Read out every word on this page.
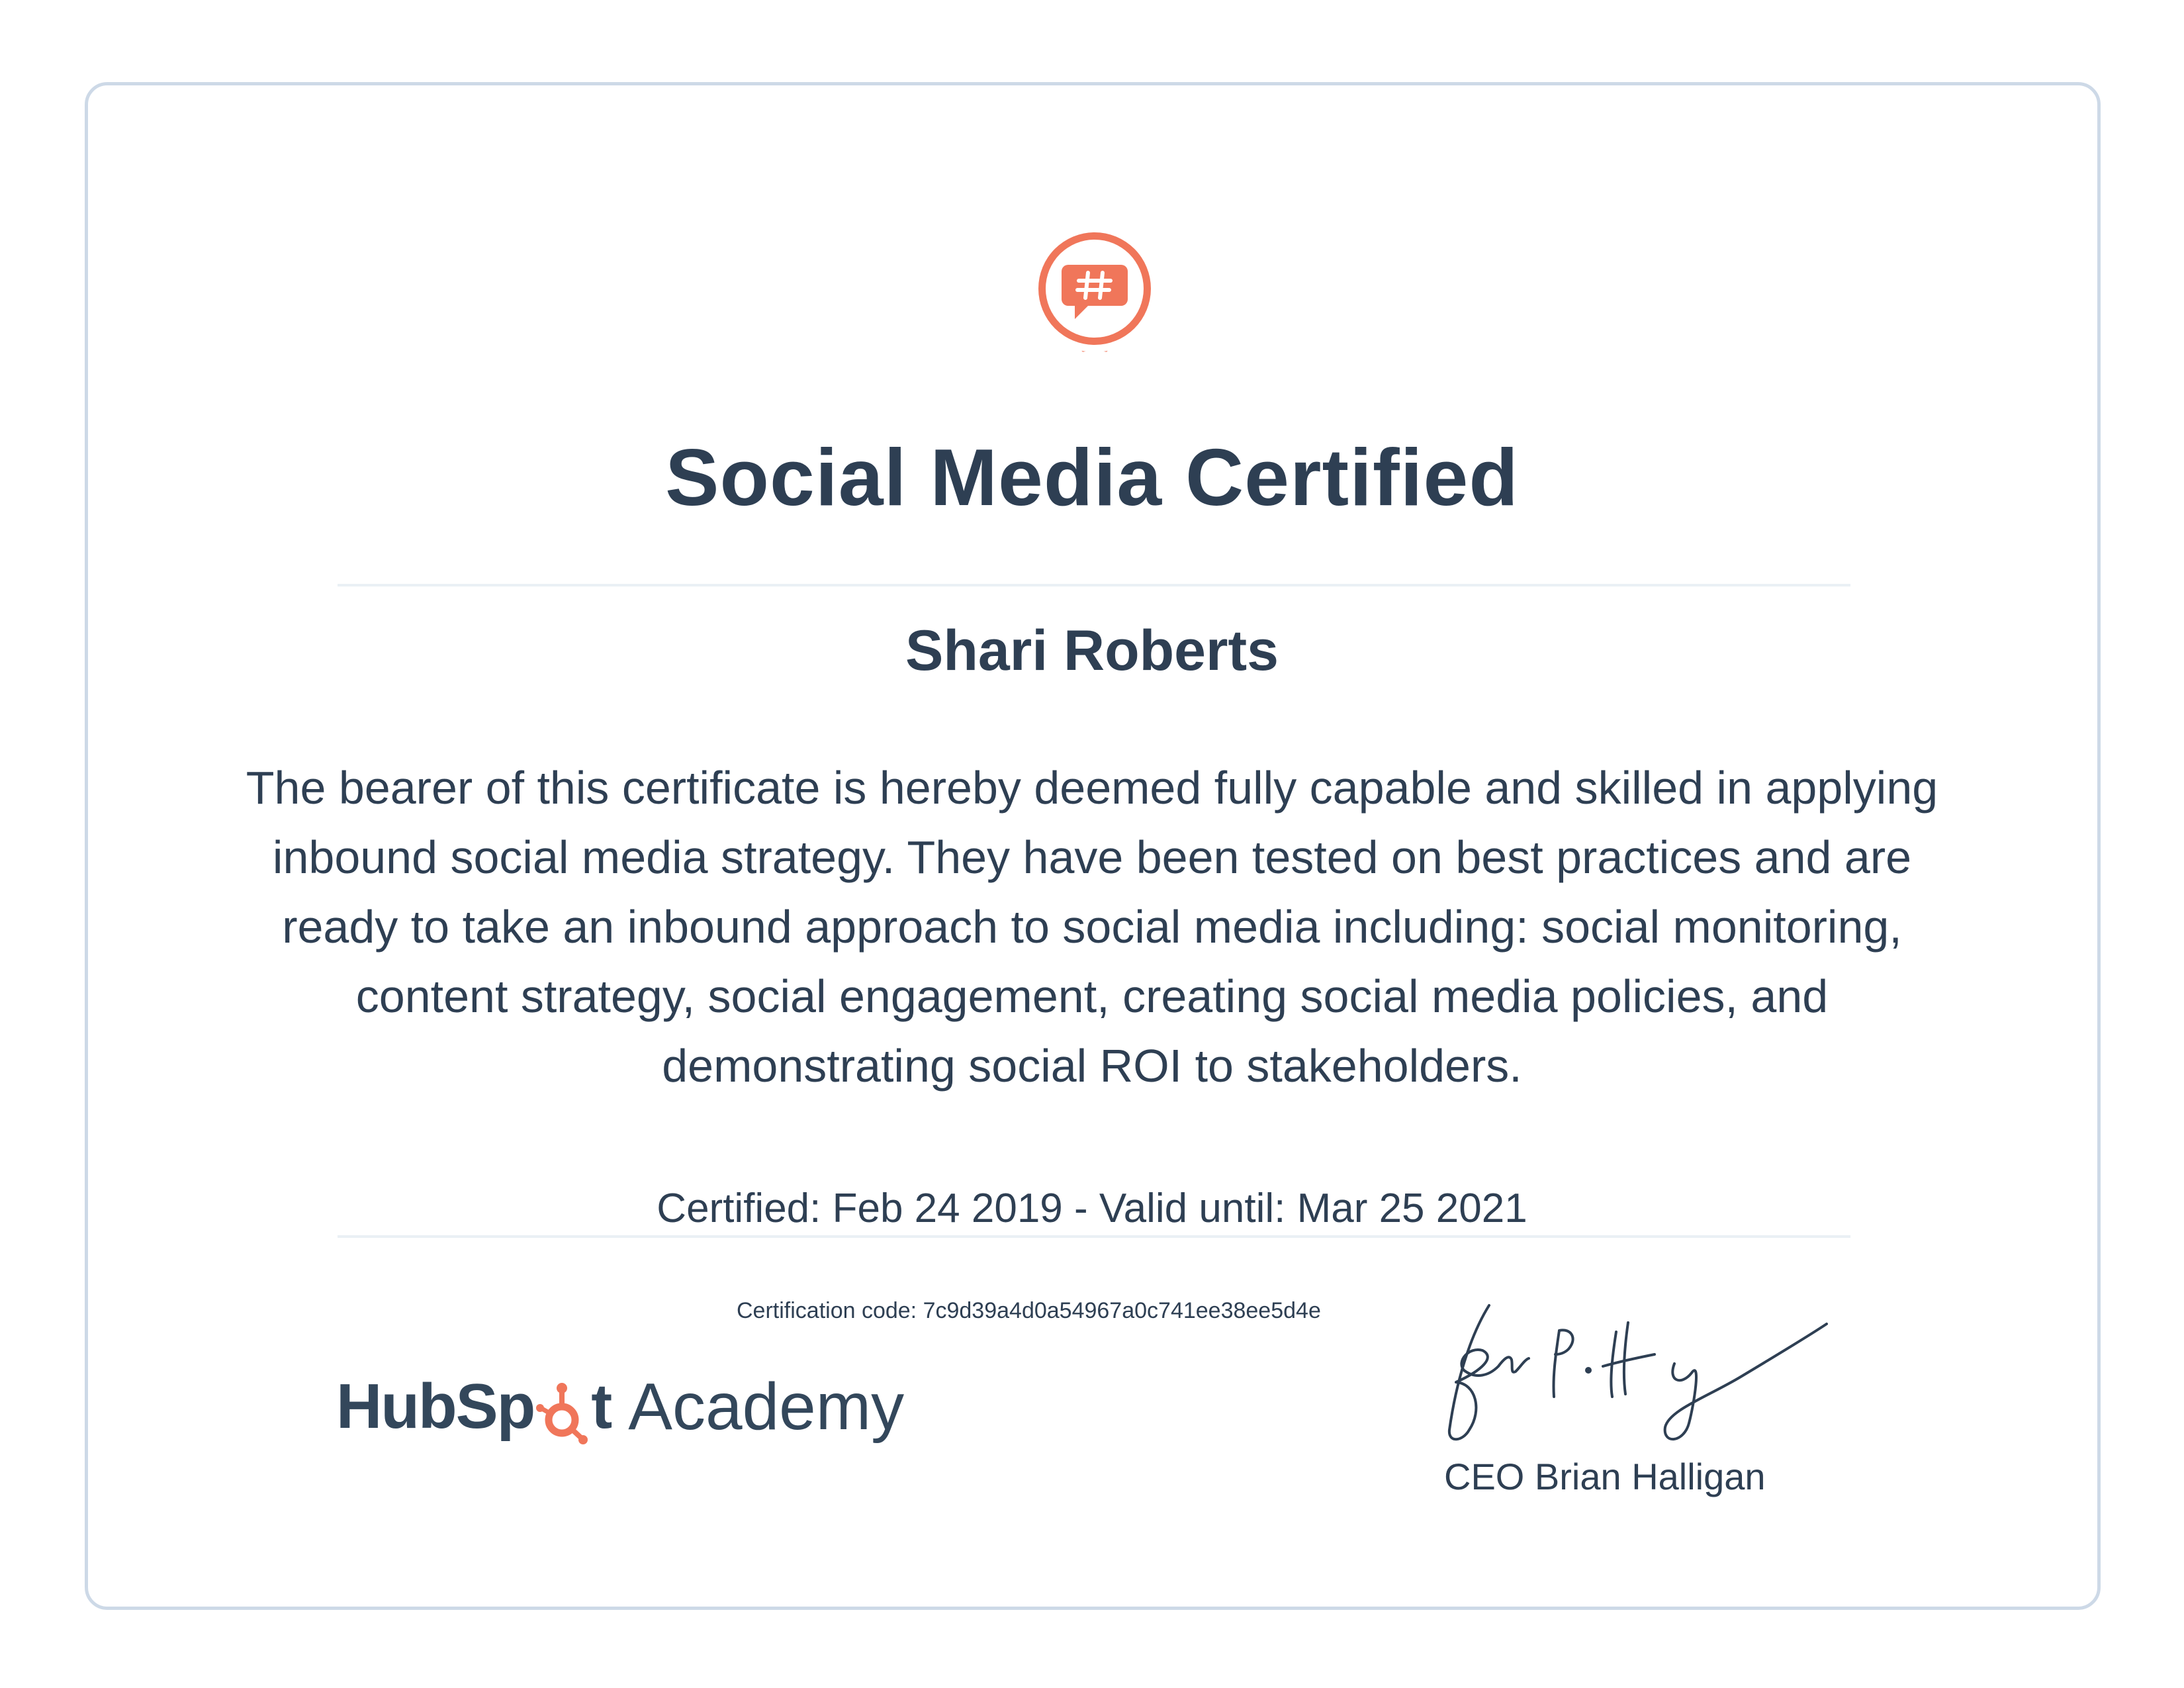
Social Media Certified
Shari Roberts
The bearer of this certificate is hereby deemed fully capable and skilled in applying inbound social media strategy. They have been tested on best practices and are ready to take an inbound approach to social media including: social monitoring, content strategy, social engagement, creating social media policies, and demonstrating social ROI to stakeholders.
Certified: Feb 24 2019 - Valid until: Mar 25 2021
Certification code: 7c9d39a4d0a54967a0c741ee38ee5d4e
HubSp t Academy
CEO Brian Halligan
